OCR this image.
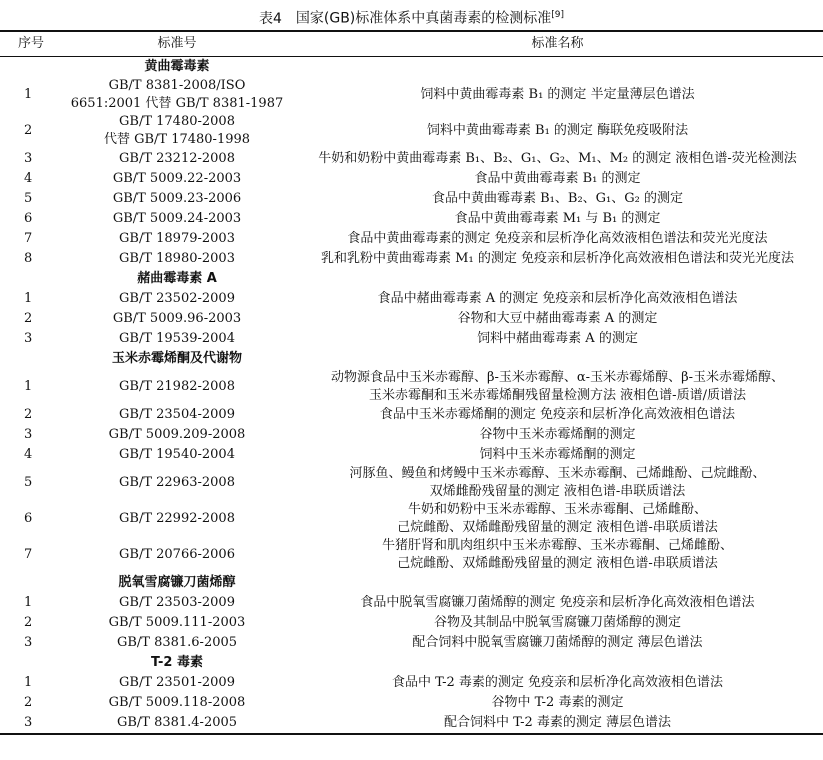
表4 国家(GB)标准体系中真菌毒素的检测标准[9]
序号	标准号	标准名称
	黄曲霉毒素	
1	GB/T 8381-2008/ISO
6651:2001 代替 GB/T 8381-1987	饲料中黄曲霉毒素 B₁ 的测定 半定量薄层色谱法

2	GB/T 17480-2008
代替 GB/T 17480-1998	饲料中黄曲霉毒素 B₁ 的测定 酶联免疫吸附法

3	GB/T 23212-2008	牛奶和奶粉中黄曲霉毒素 B₁、B₂、G₁、G₂、M₁、M₂ 的测定 液相色谱-荧光检测法

4	GB/T 5009.22-2003	食品中黄曲霉毒素 B₁ 的测定

5	GB/T 5009.23-2006	食品中黄曲霉毒素 B₁、B₂、G₁、G₂ 的测定

6	GB/T 5009.24-2003	食品中黄曲霉毒素 M₁ 与 B₁ 的测定

7	GB/T 18979-2003	食品中黄曲霉毒素的测定 免疫亲和层析净化高效液相色谱法和荧光光度法

8	GB/T 18980-2003	乳和乳粉中黄曲霉毒素 M₁ 的测定 免疫亲和层析净化高效液相色谱法和荧光光度法

	赭曲霉毒素 A	
1	GB/T 23502-2009	食品中赭曲霉毒素 A 的测定 免疫亲和层析净化高效液相色谱法

2	GB/T 5009.96-2003	谷物和大豆中赭曲霉毒素 A 的测定

3	GB/T 19539-2004	饲料中赭曲霉毒素 A 的测定

	玉米赤霉烯酮及代谢物	
1	GB/T 21982-2008	动物源食品中玉米赤霉醇、β-玉米赤霉醇、α-玉米赤霉烯醇、β-玉米赤霉烯醇、
玉米赤霉酮和玉米赤霉烯酮残留量检测方法 液相色谱-质谱/质谱法

2	GB/T 23504-2009	食品中玉米赤霉烯酮的测定 免疫亲和层析净化高效液相色谱法

3	GB/T 5009.209-2008	谷物中玉米赤霉烯酮的测定

4	GB/T 19540-2004	饲料中玉米赤霉烯酮的测定

5	GB/T 22963-2008	河豚鱼、鳗鱼和烤鳗中玉米赤霉醇、玉米赤霉酮、己烯雌酚、己烷雌酚、
双烯雌酚残留量的测定 液相色谱-串联质谱法

6	GB/T 22992-2008	牛奶和奶粉中玉米赤霉醇、玉米赤霉酮、己烯雌酚、
己烷雌酚、双烯雌酚残留量的测定 液相色谱-串联质谱法

7	GB/T 20766-2006	牛猪肝肾和肌肉组织中玉米赤霉醇、玉米赤霉酮、己烯雌酚、
己烷雌酚、双烯雌酚残留量的测定 液相色谱-串联质谱法

	脱氧雪腐镰刀菌烯醇	
1	GB/T 23503-2009	食品中脱氧雪腐镰刀菌烯醇的测定 免疫亲和层析净化高效液相色谱法

2	GB/T 5009.111-2003	谷物及其制品中脱氧雪腐镰刀菌烯醇的测定

3	GB/T 8381.6-2005	配合饲料中脱氧雪腐镰刀菌烯醇的测定 薄层色谱法

	T-2 毒素	
1	GB/T 23501-2009	食品中 T-2 毒素的测定 免疫亲和层析净化高效液相色谱法

2	GB/T 5009.118-2008	谷物中 T-2 毒素的测定

3	GB/T 8381.4-2005	配合饲料中 T-2 毒素的测定 薄层色谱法
